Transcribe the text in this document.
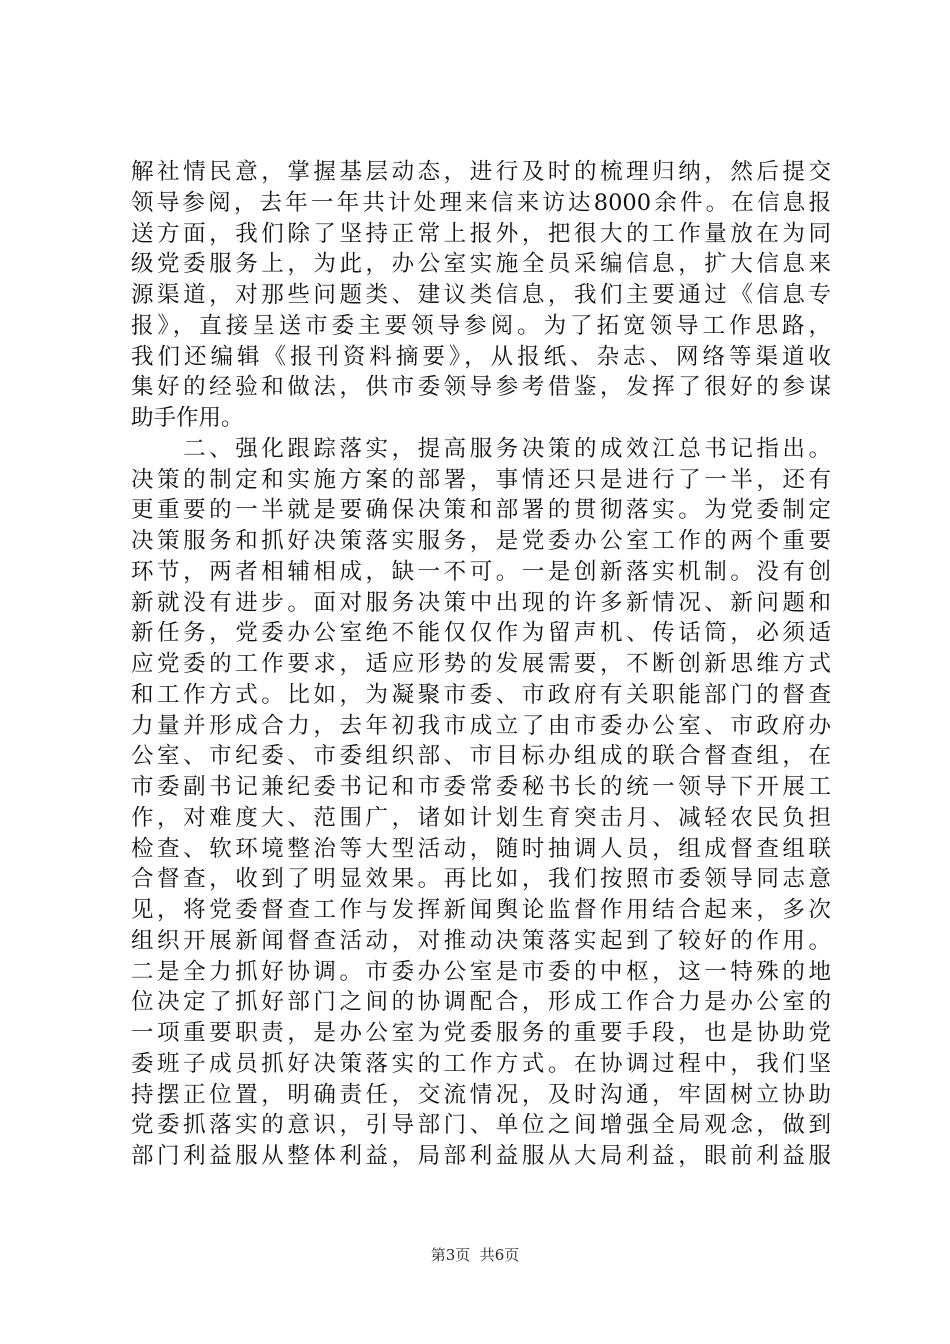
解社情民意，掌握基层动态，进行及时的梳理归纳，然后提交
领导参阅，去年一年共计处理来信来访达8000余件。在信息报
送方面，我们除了坚持正常上报外，把很大的工作量放在为同
级党委服务上，为此，办公室实施全员采编信息，扩大信息来
源渠道，对那些问题类、建议类信息，我们主要通过《信息专
报》，直接呈送市委主要领导参阅。为了拓宽领导工作思路，
我们还编辑《报刊资料摘要》，从报纸、杂志、网络等渠道收
集好的经验和做法，供市委领导参考借鉴，发挥了很好的参谋
助手作用。
　　二、强化跟踪落实，提高服务决策的成效江总书记指出。
决策的制定和实施方案的部署，事情还只是进行了一半，还有
更重要的一半就是要确保决策和部署的贯彻落实。为党委制定
决策服务和抓好决策落实服务，是党委办公室工作的两个重要
环节，两者相辅相成，缺一不可。一是创新落实机制。没有创
新就没有进步。面对服务决策中出现的许多新情况、新问题和
新任务，党委办公室绝不能仅仅作为留声机、传话筒，必须适
应党委的工作要求，适应形势的发展需要，不断创新思维方式
和工作方式。比如，为凝聚市委、市政府有关职能部门的督查
力量并形成合力，去年初我市成立了由市委办公室、市政府办
公室、市纪委、市委组织部、市目标办组成的联合督查组，在
市委副书记兼纪委书记和市委常委秘书长的统一领导下开展工
作，对难度大、范围广，诸如计划生育突击月、减轻农民负担
检查、软环境整治等大型活动，随时抽调人员，组成督查组联
合督查，收到了明显效果。再比如，我们按照市委领导同志意
见，将党委督查工作与发挥新闻舆论监督作用结合起来，多次
组织开展新闻督查活动，对推动决策落实起到了较好的作用。
二是全力抓好协调。市委办公室是市委的中枢，这一特殊的地
位决定了抓好部门之间的协调配合，形成工作合力是办公室的
一项重要职责，是办公室为党委服务的重要手段，也是协助党
委班子成员抓好决策落实的工作方式。在协调过程中，我们坚
持摆正位置，明确责任，交流情况，及时沟通，牢固树立协助
党委抓落实的意识，引导部门、单位之间增强全局观念，做到
部门利益服从整体利益，局部利益服从大局利益，眼前利益服
第3页  共6页
